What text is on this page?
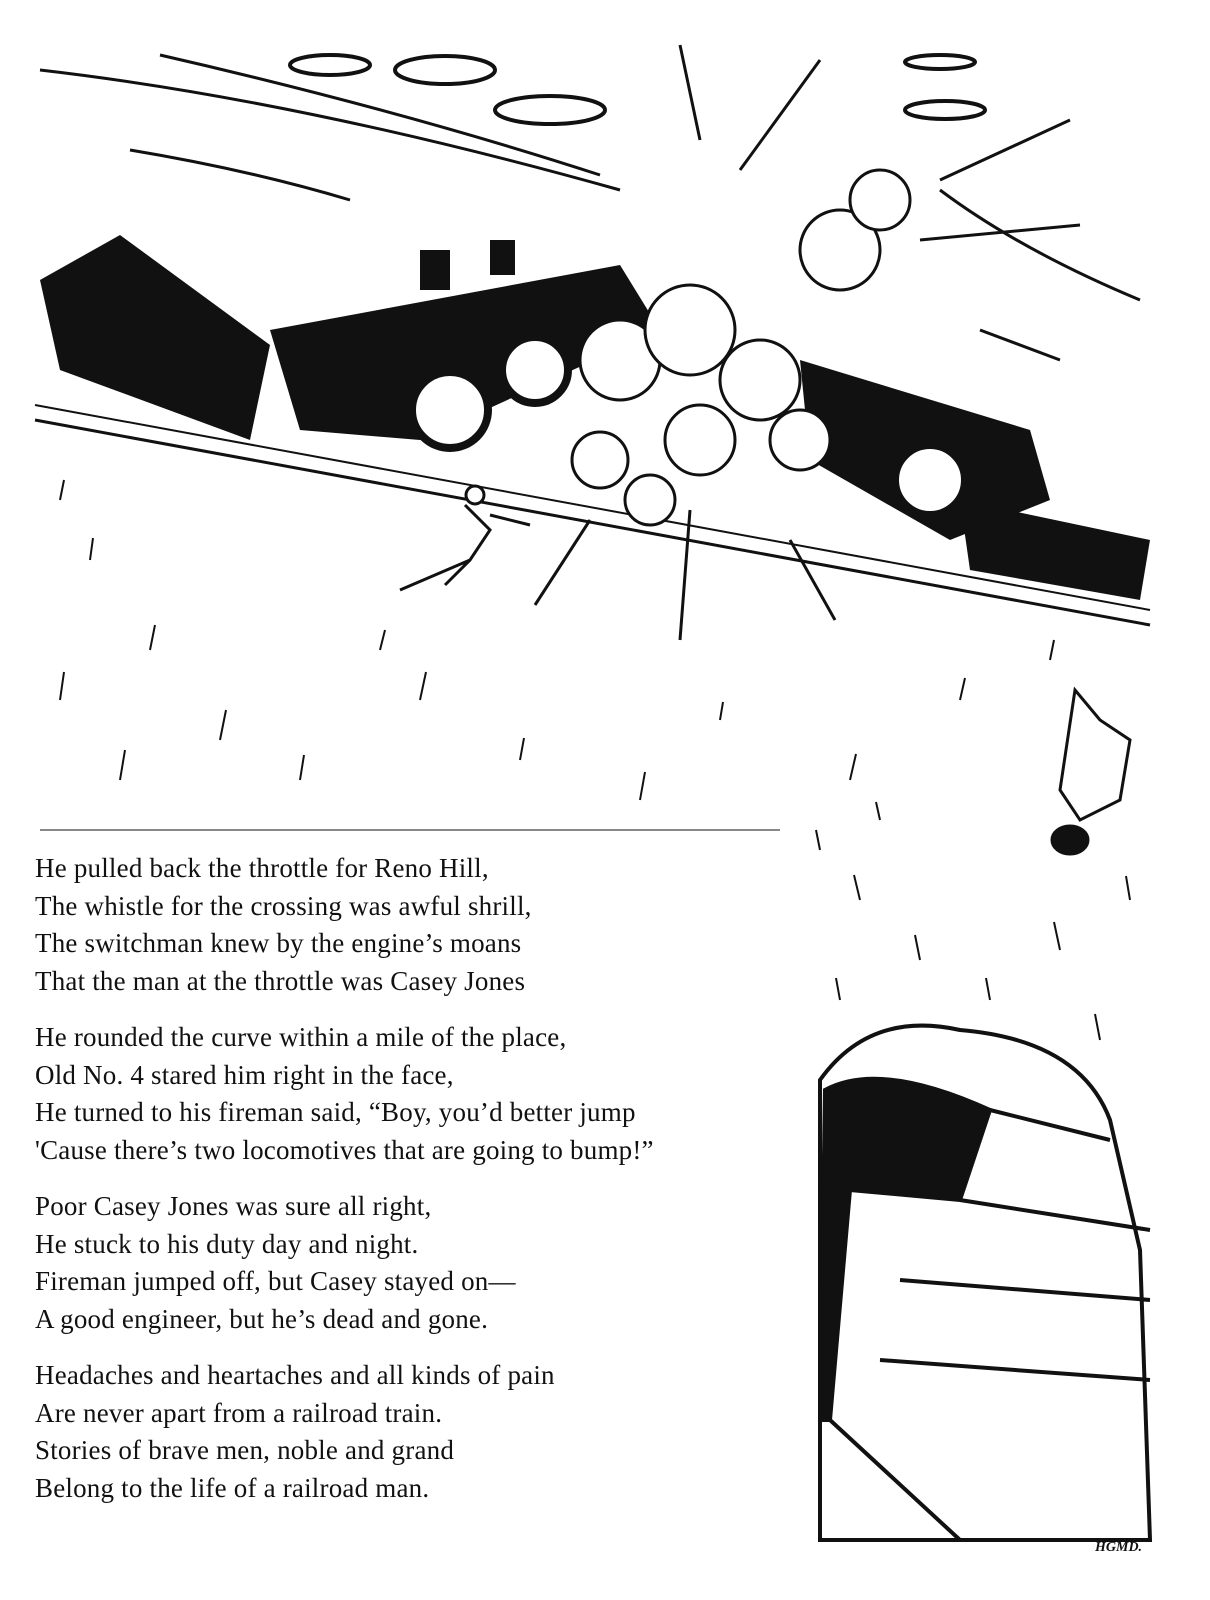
He pulled back the throttle for Reno Hill,
The whistle for the crossing was awful shrill,
The switchman knew by the engine’s moans
That the man at the throttle was Casey Jones
He rounded the curve within a mile of the place,
Old No. 4 stared him right in the face,
He turned to his fireman said, “Boy, you’d better jump
'Cause there’s two locomotives that are going to bump!”
Poor Casey Jones was sure all right,
He stuck to his duty day and night.
Fireman jumped off, but Casey stayed on—
A good engineer, but he’s dead and gone.
Headaches and heartaches and all kinds of pain
Are never apart from a railroad train.
Stories of brave men, noble and grand
Belong to the life of a railroad man.
HGMD.
